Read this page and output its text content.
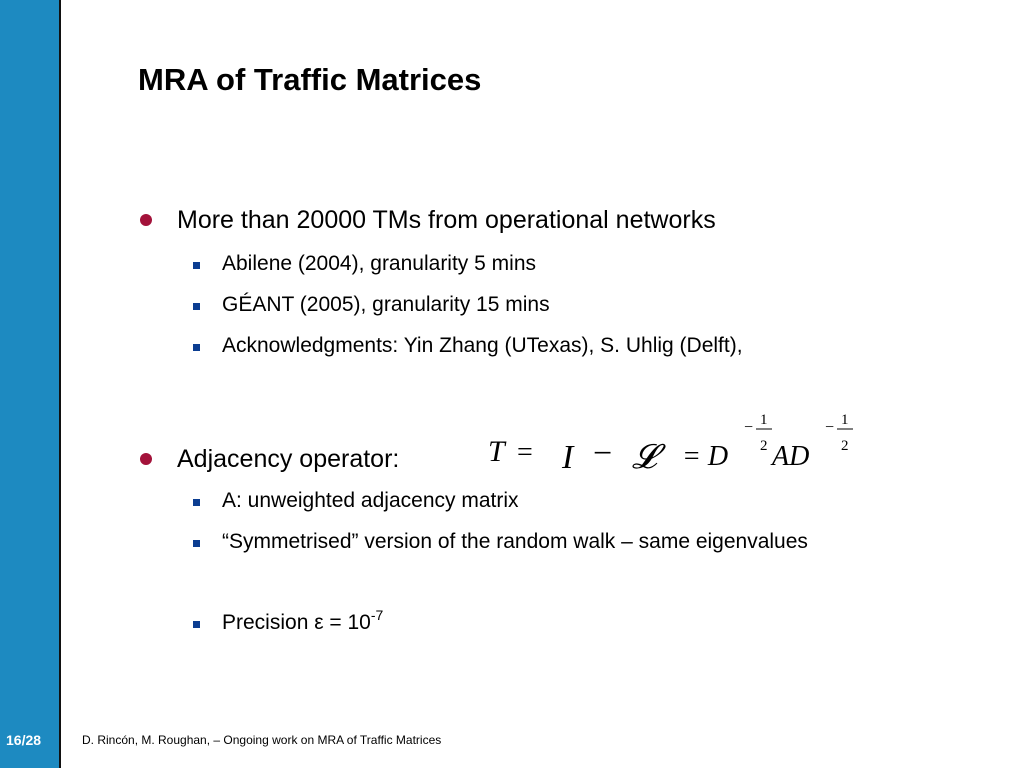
16/28
MRA of Traffic Matrices
More than 20000 TMs from operational networks
Abilene (2004), granularity 5 mins
GÉANT (2005), granularity 15 mins
Acknowledgments: Yin Zhang (UTexas), S. Uhlig (Delft),
Adjacency operator:	T = I − 𝓛 = D
− 1
2 AD
− 1
2
A: unweighted adjacency matrix
“Symmetrised” version of the random walk – same eigenvalues
Precision $\varepsilon = 10^{-7}$
D. Rincón, M. Roughan, – Ongoing work on MRA of Traffic Matrices
